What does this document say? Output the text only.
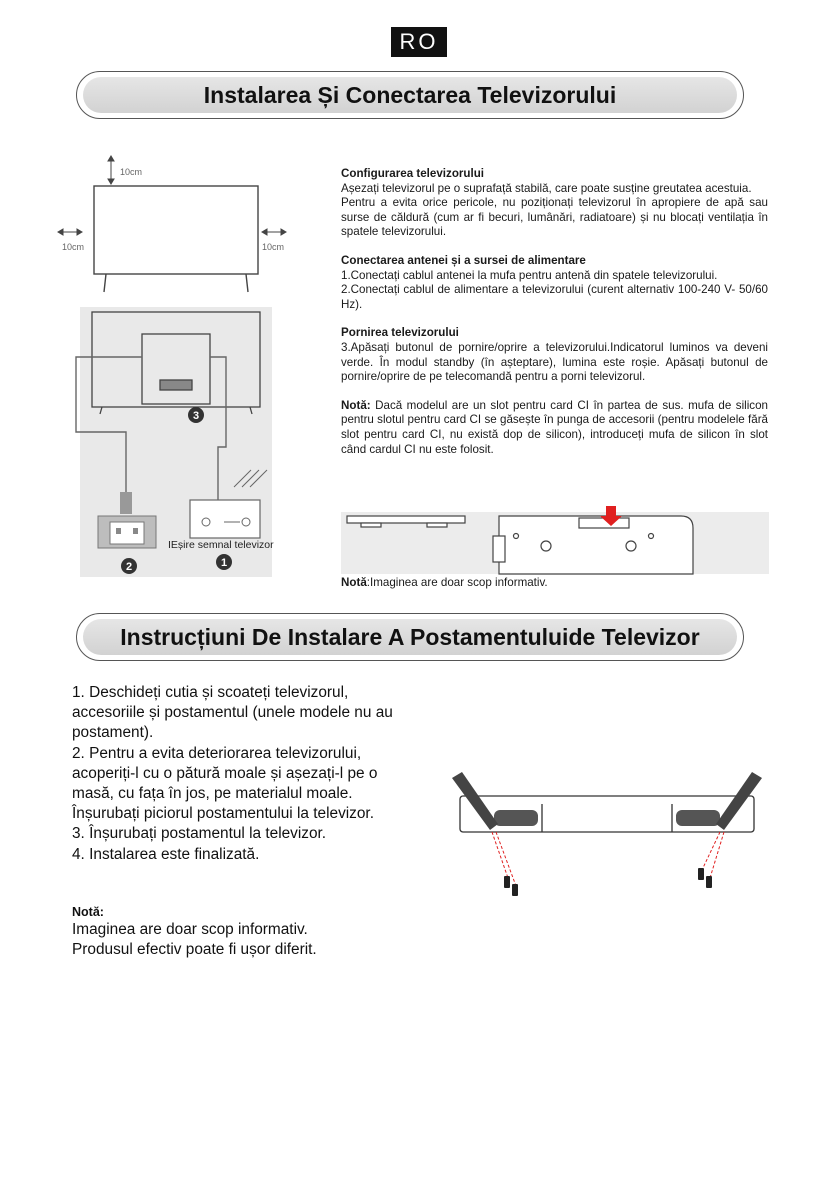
RO
Instalarea Și Conectarea Televizorului
10cm
10cm	10cm
IEșire semnal televizor
3
2	1

Configurarea televizorului

Așezați televizorul pe o suprafață stabilă, care poate susține greutatea acestuia.

Pentru a evita orice pericole, nu poziționați televizorul în apropiere de apă sau surse de căldură (cum ar fi becuri, lumânări, radiatoare) și nu blocați ventilația în spatele televizorului.

Conectarea antenei și a sursei de alimentare

1.Conectați cablul antenei la mufa pentru antenă din spatele televizorului.

2.Conectați cablul de alimentare a televizorului (curent alternativ 100-240 V- 50/60 Hz).

Pornirea televizorului

3.Apăsați butonul de pornire/oprire a televizorului.Indicatorul luminos va deveni verde. În modul standby (în așteptare), lumina este roșie. Apăsați butonul de pornire/oprire de pe telecomandă pentru a porni televizorul.

Notă: Dacă modelul are un slot pentru card CI în partea de sus. mufa de silicon pentru slotul pentru card CI se găsește în punga de accesorii (pentru modelele fără slot pentru card CI, nu există dop de silicon), introduceți mufa de silicon în slot când cardul CI nu este folosit.

Notă:Imaginea are doar scop informativ.
Instrucțiuni De Instalare A Postamentuluide Televizor

1. Deschideți cutia și scoateți televizorul, accesoriile și postamentul (unele modele nu au postament).

2. Pentru a evita deteriorarea televizorului, acoperiți-l cu o pătură moale și așezați-l pe o masă, cu fața în jos, pe materialul moale. Înșurubați piciorul postamentului la televizor.

3. Înșurubați postamentul la televizor.

4. Instalarea este finalizată.

Notă:

Imaginea are doar scop informativ.

Produsul efectiv poate fi ușor diferit.
